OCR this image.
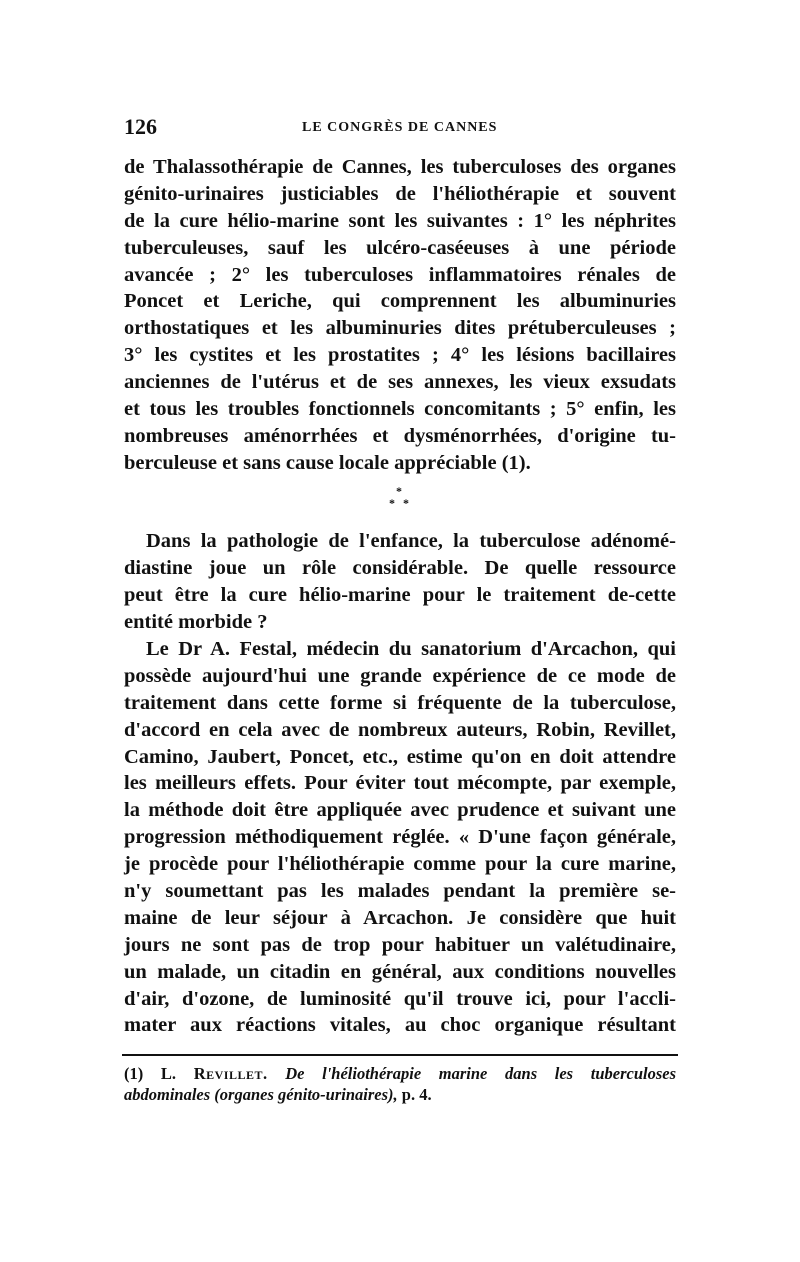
126	LE CONGRÈS DE CANNES
de Thalassothérapie de Cannes, les tuberculoses des organes
génito-urinaires justiciables de l'héliothérapie et souvent
de la cure hélio-marine sont les suivantes : 1° les néphrites
tuberculeuses, sauf les ulcéro-caséeuses à une période
avancée ; 2° les tuberculoses inflammatoires rénales de
Poncet et Leriche, qui comprennent les albuminuries
orthostatiques et les albuminuries dites prétuberculeuses ;
3° les cystites et les prostatites ; 4° les lésions bacillaires
anciennes de l'utérus et de ses annexes, les vieux exsudats
et tous les troubles fonctionnels concomitants ; 5° enfin, les
nombreuses aménorrhées et dysménorrhées, d'origine tu-
berculeuse et sans cause locale appréciable (1).
*
* *
Dans la pathologie de l'enfance, la tuberculose adénomé-
diastine joue un rôle considérable. De quelle ressource
peut être la cure hélio-marine pour le traitement de-cette
entité morbide ?
Le Dr A. Festal, médecin du sanatorium d'Arcachon, qui
possède aujourd'hui une grande expérience de ce mode de
traitement dans cette forme si fréquente de la tuberculose,
d'accord en cela avec de nombreux auteurs, Robin, Revillet,
Camino, Jaubert, Poncet, etc., estime qu'on en doit attendre
les meilleurs effets. Pour éviter tout mécompte, par exemple,
la méthode doit être appliquée avec prudence et suivant une
progression méthodiquement réglée. « D'une façon générale,
je procède pour l'héliothérapie comme pour la cure marine,
n'y soumettant pas les malades pendant la première se-
maine de leur séjour à Arcachon. Je considère que huit
jours ne sont pas de trop pour habituer un valétudinaire,
un malade, un citadin en général, aux conditions nouvelles
d'air, d'ozone, de luminosité qu'il trouve ici, pour l'accli-
mater aux réactions vitales, au choc organique résultant
(1) L. Revillet. De l'héliothérapie marine dans les tuberculoses
abdominales (organes génito-urinaires), p. 4.
